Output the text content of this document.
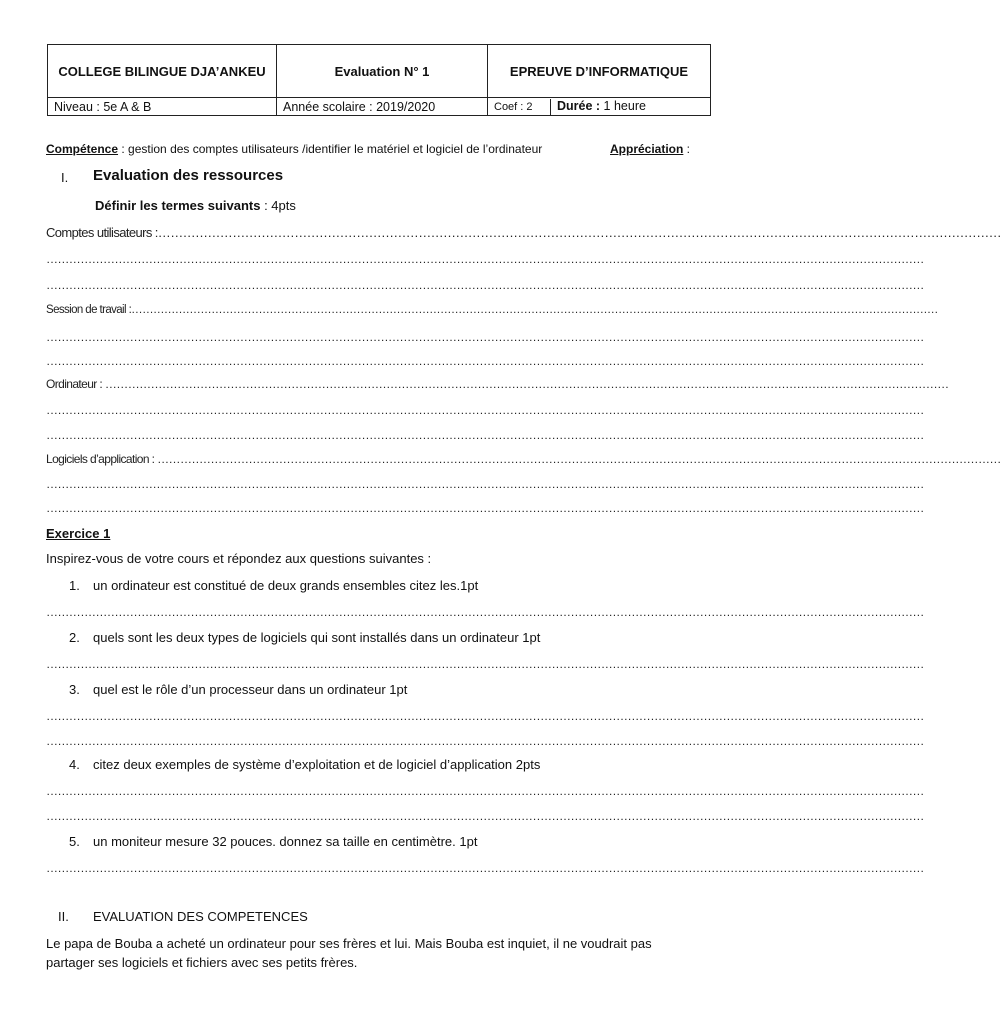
COLLEGE BILINGUE DJA’ANKEU	Evaluation N° 1	EPREUVE D’INFORMATIQUE
Niveau : 5e A & B	Année scolaire : 2019/2020	Coef : 2 Durée : 1 heure
Compétence : gestion des comptes utilisateurs /identifier le matériel et logiciel de l’ordinateur	Appréciation :
I. Evaluation des ressources
Définir les termes suivants : 4pts
Comptes utilisateurs :……………………………………………………………………………………………………………………………………………………………………………………
……………………………………………………………………………………………………………………………………………………………………………………………………………
……………………………………………………………………………………………………………………………………………………………………………………………………………
Session de travail :……………………………………………………………………………………………………………………………………………………………………………………………………
……………………………………………………………………………………………………………………………………………………………………………………………………………
……………………………………………………………………………………………………………………………………………………………………………………………………………
Ordinateur : ……………………………………………………………………………………………………………………………………………………………………………………………………
……………………………………………………………………………………………………………………………………………………………………………………………………………
……………………………………………………………………………………………………………………………………………………………………………………………………………
Logiciels d’application : ……………………………………………………………………………………………………………………………………………………………………………………………………
……………………………………………………………………………………………………………………………………………………………………………………………………………
……………………………………………………………………………………………………………………………………………………………………………………………………………
Exercice 1
Inspirez-vous de votre cours et répondez aux questions suivantes :
1. un ordinateur est constitué de deux grands ensembles citez les.1pt
……………………………………………………………………………………………………………………………………………………………………………………………………………
2. quels sont les deux types de logiciels qui sont installés dans un ordinateur 1pt
……………………………………………………………………………………………………………………………………………………………………………………………………………
3. quel est le rôle d’un processeur dans un ordinateur 1pt
……………………………………………………………………………………………………………………………………………………………………………………………………………
……………………………………………………………………………………………………………………………………………………………………………………………………………
4. citez deux exemples de système d’exploitation et de logiciel d’application 2pts
……………………………………………………………………………………………………………………………………………………………………………………………………………
……………………………………………………………………………………………………………………………………………………………………………………………………………
5. un moniteur mesure 32 pouces. donnez sa taille en centimètre. 1pt
……………………………………………………………………………………………………………………………………………………………………………………………………………
II. EVALUATION DES COMPETENCES
Le papa de Bouba a acheté un ordinateur pour ses frères et lui. Mais Bouba est inquiet, il ne voudrait pas
partager ses logiciels et fichiers avec ses petits frères.
